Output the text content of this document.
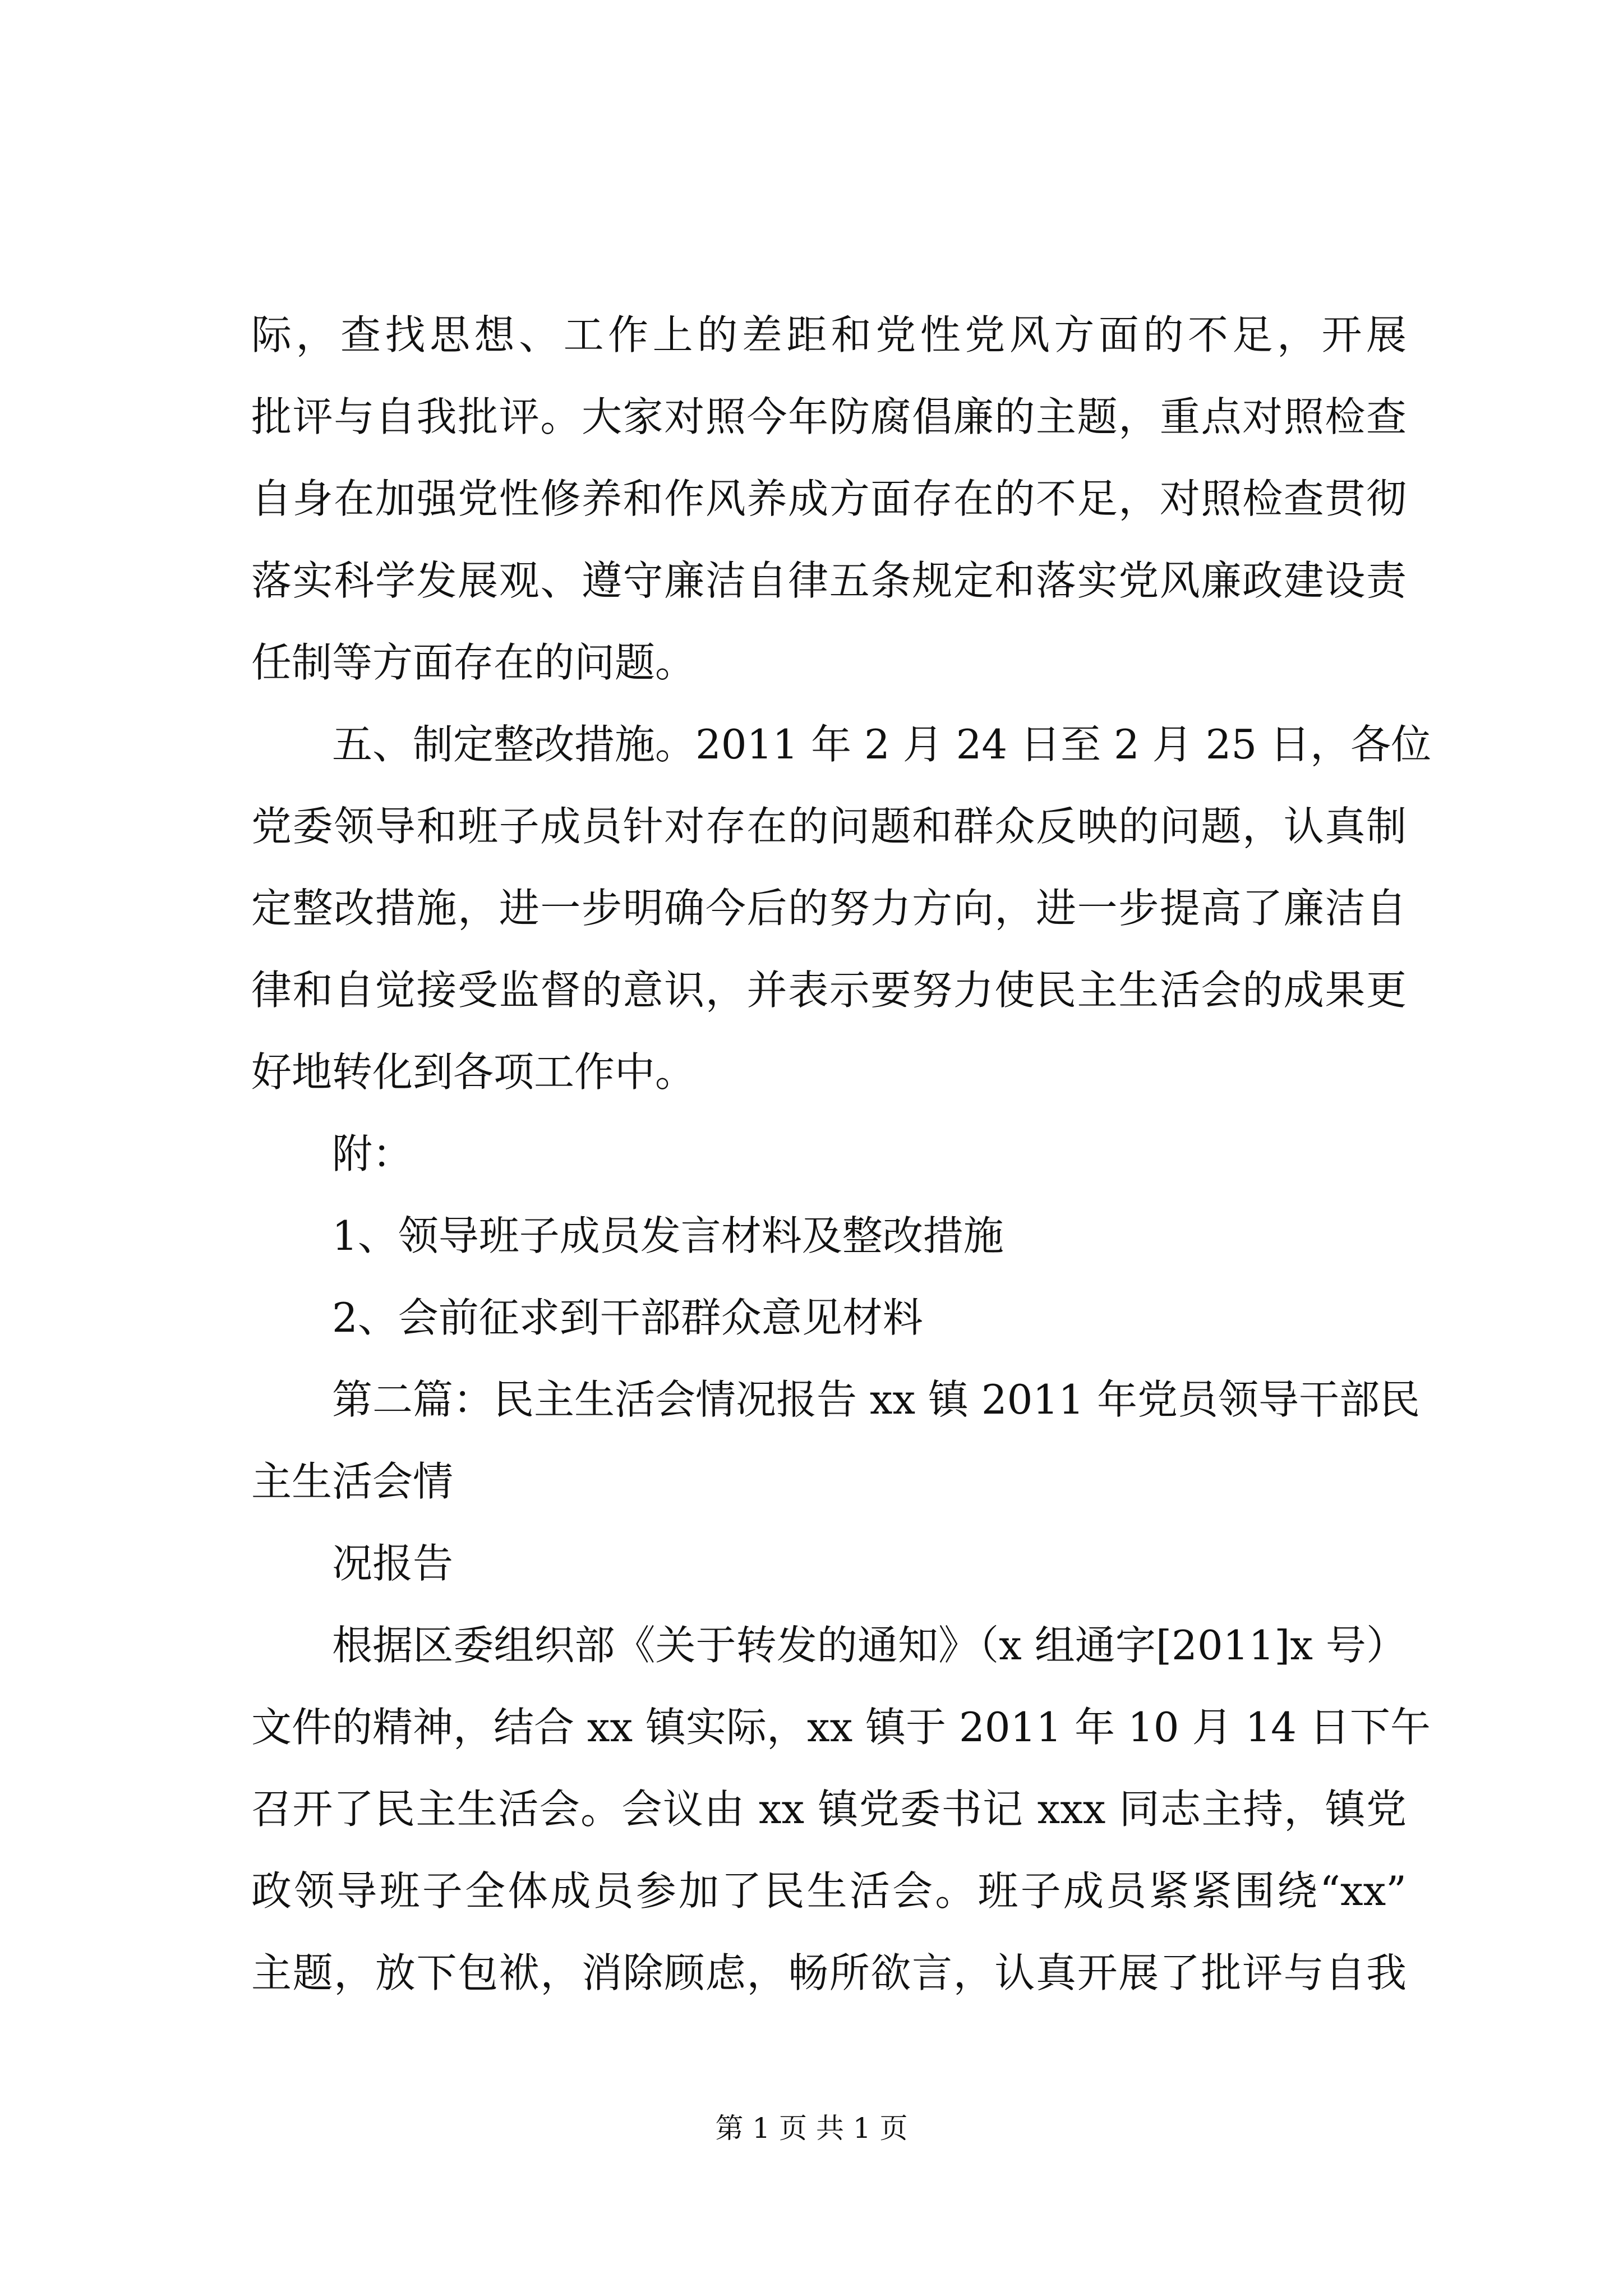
际，查找思想、工作上的差距和党性党风方面的不足，开展
批评与自我批评。大家对照今年防腐倡廉的主题，重点对照检查
自身在加强党性修养和作风养成方面存在的不足，对照检查贯彻
落实科学发展观、遵守廉洁自律五条规定和落实党风廉政建设责
任制等方面存在的问题。
五、制定整改措施。2011 年 2 月 24 日至 2 月 25 日，各位
党委领导和班子成员针对存在的问题和群众反映的问题，认真制
定整改措施，进一步明确今后的努力方向，进一步提高了廉洁自
律和自觉接受监督的意识，并表示要努力使民主生活会的成果更
好地转化到各项工作中。
附：
1、领导班子成员发言材料及整改措施
2、会前征求到干部群众意见材料
第二篇：民主生活会情况报告 xx 镇 2011 年党员领导干部民
主生活会情
况报告
根据区委组织部《关于转发的通知》（x 组通字[2011]x 号）
文件的精神，结合 xx 镇实际，xx 镇于 2011 年 10 月 14 日下午
召开了民主生活会。会议由 xx 镇党委书记 xxx 同志主持，镇党
政领导班子全体成员参加了民生活会。班子成员紧紧围绕“xx”
主题，放下包袱，消除顾虑，畅所欲言，认真开展了批评与自我
第 1 页 共 1 页
